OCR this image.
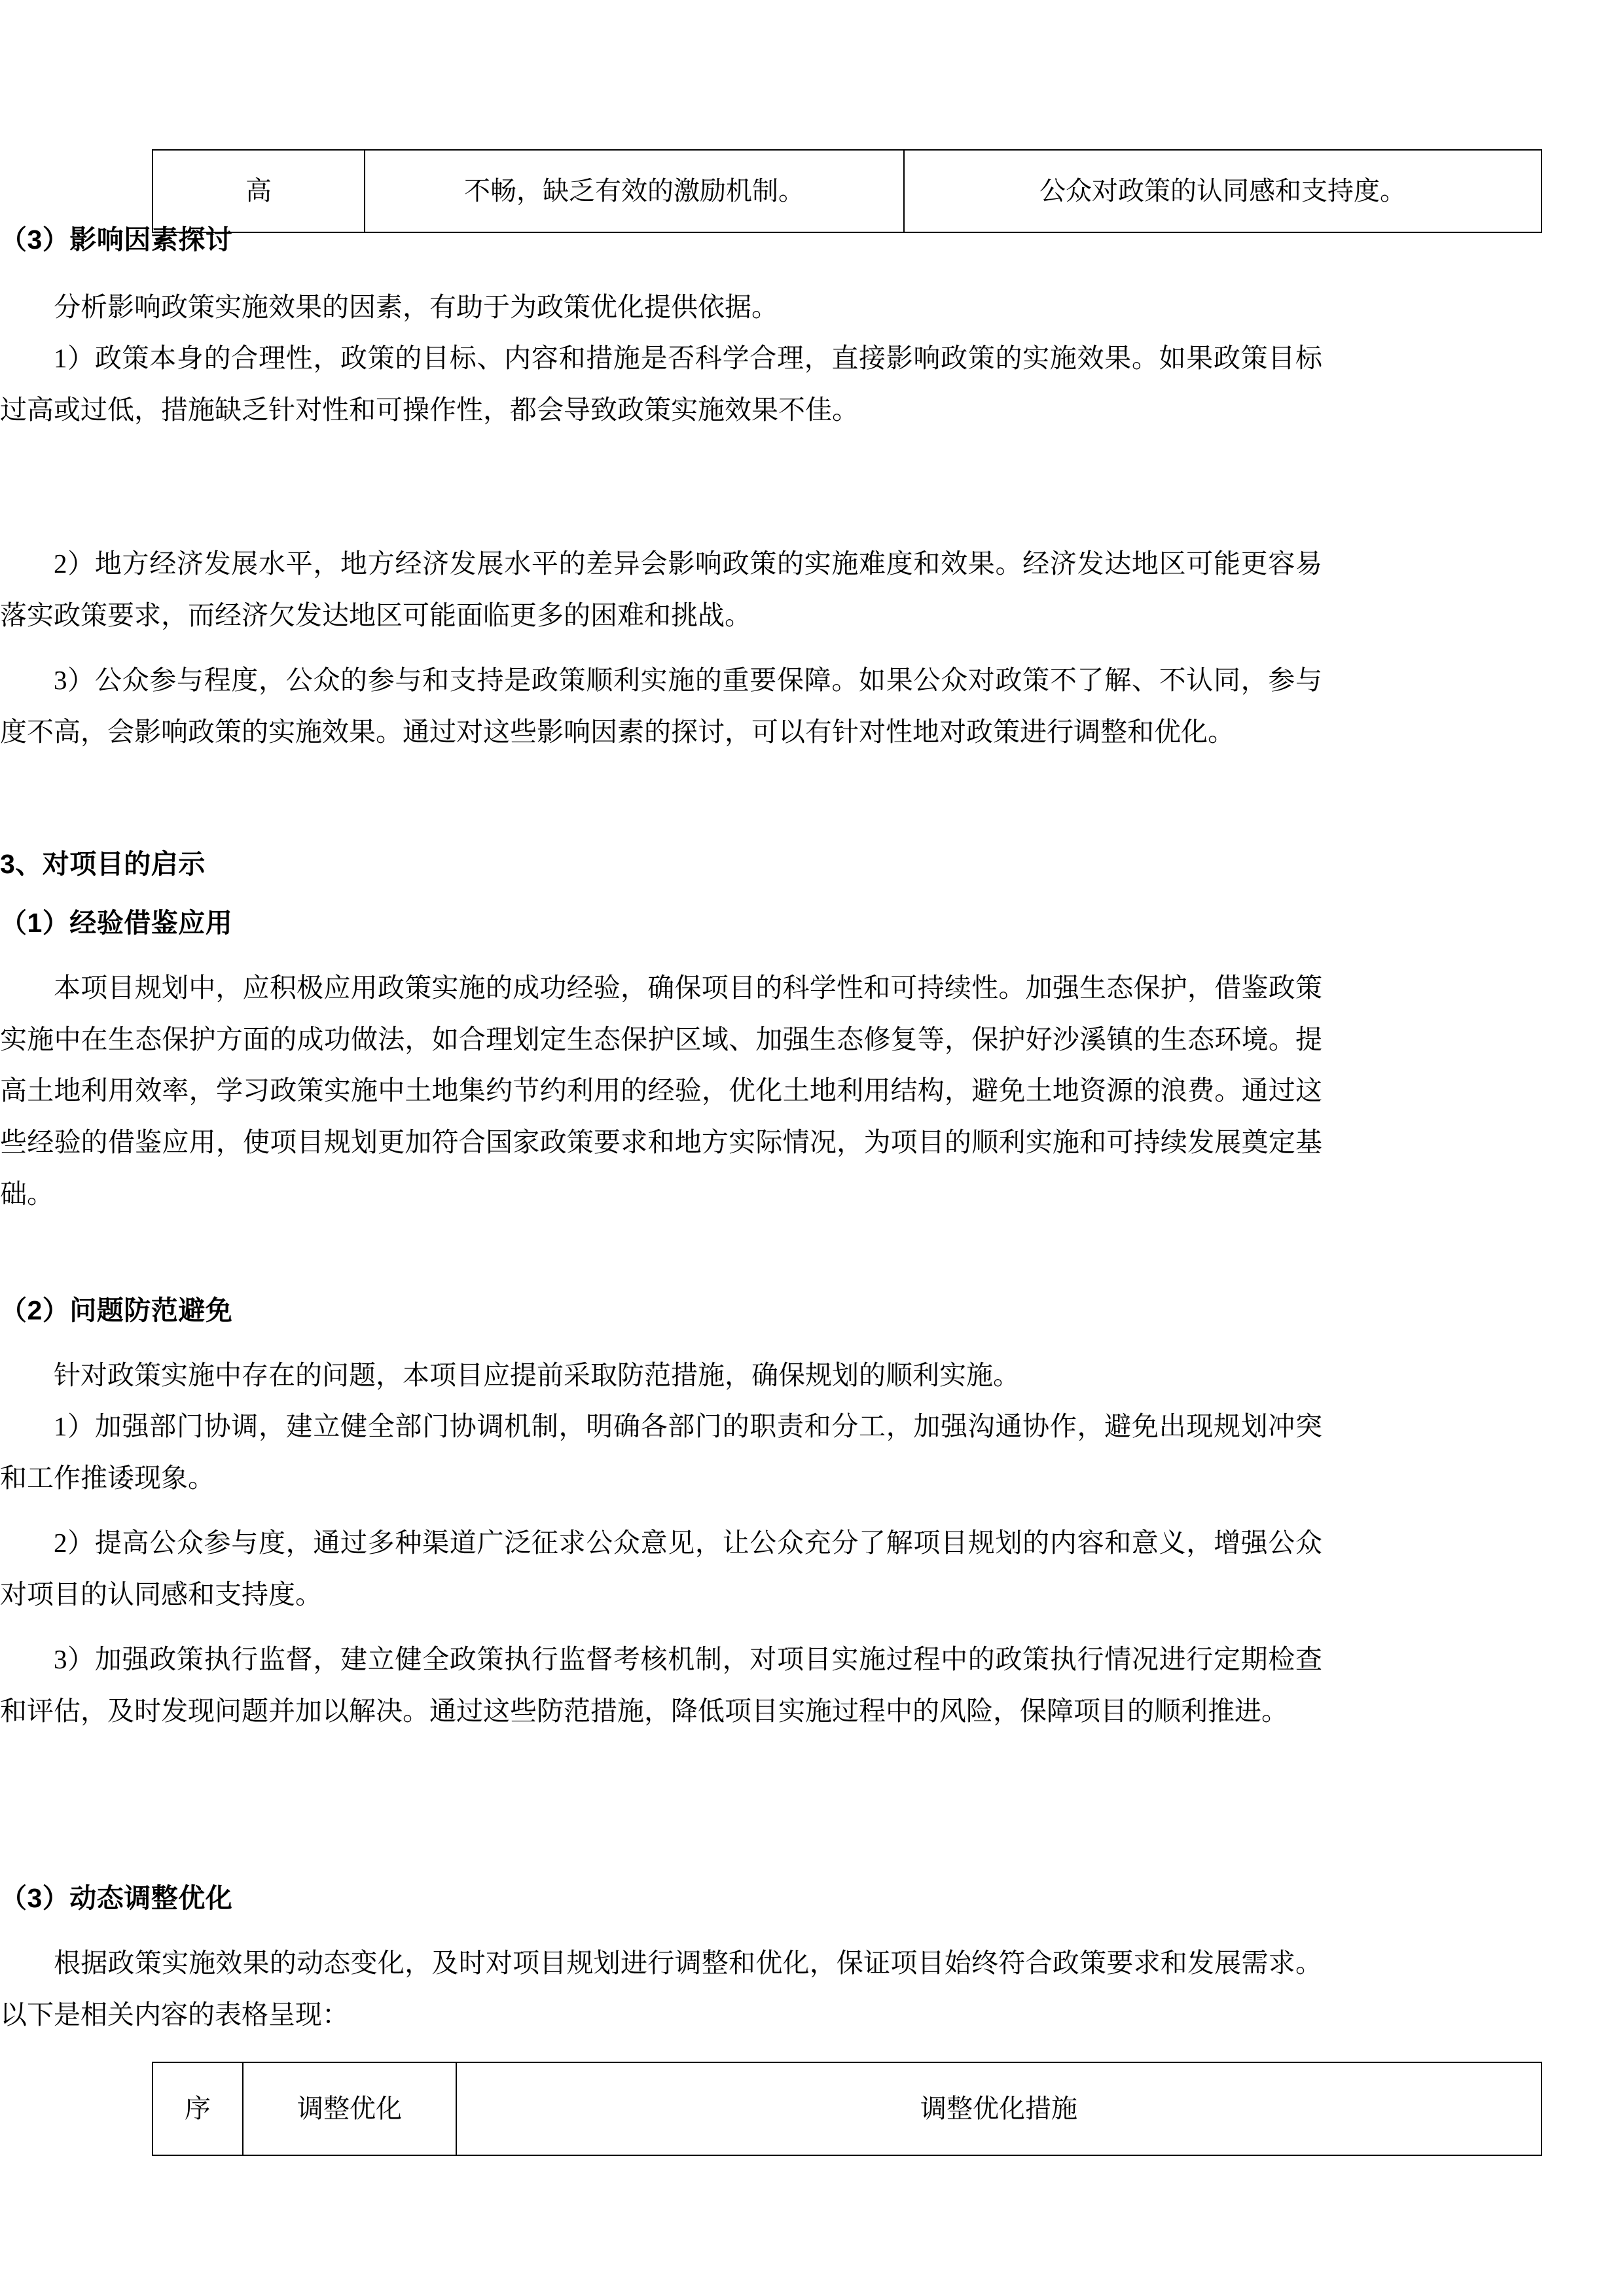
高	不畅，缺乏有效的激励机制。	公众对政策的认同感和支持度。
（3）影响因素探讨

分析影响政策实施效果的因素，有助于为政策优化提供依据。

1）政策本身的合理性，政策的目标、内容和措施是否科学合理，直接影响政策的实施效果。如果政策目标过高或过低，措施缺乏针对性和可操作性，都会导致政策实施效果不佳。

2）地方经济发展水平，地方经济发展水平的差异会影响政策的实施难度和效果。经济发达地区可能更容易落实政策要求，而经济欠发达地区可能面临更多的困难和挑战。

3）公众参与程度，公众的参与和支持是政策顺利实施的重要保障。如果公众对政策不了解、不认同，参与度不高，会影响政策的实施效果。通过对这些影响因素的探讨，可以有针对性地对政策进行调整和优化。

3、对项目的启示
（1）经验借鉴应用

本项目规划中，应积极应用政策实施的成功经验，确保项目的科学性和可持续性。加强生态保护，借鉴政策实施中在生态保护方面的成功做法，如合理划定生态保护区域、加强生态修复等，保护好沙溪镇的生态环境。提高土地利用效率，学习政策实施中土地集约节约利用的经验，优化土地利用结构，避免土地资源的浪费。通过这些经验的借鉴应用，使项目规划更加符合国家政策要求和地方实际情况，为项目的顺利实施和可持续发展奠定基础。

（2）问题防范避免

针对政策实施中存在的问题，本项目应提前采取防范措施，确保规划的顺利实施。

1）加强部门协调，建立健全部门协调机制，明确各部门的职责和分工，加强沟通协作，避免出现规划冲突和工作推诿现象。

2）提高公众参与度，通过多种渠道广泛征求公众意见，让公众充分了解项目规划的内容和意义，增强公众对项目的认同感和支持度。

3）加强政策执行监督，建立健全政策执行监督考核机制，对项目实施过程中的政策执行情况进行定期检查和评估，及时发现问题并加以解决。通过这些防范措施，降低项目实施过程中的风险，保障项目的顺利推进。

（3）动态调整优化

根据政策实施效果的动态变化，及时对项目规划进行调整和优化，保证项目始终符合政策要求和发展需求。以下是相关内容的表格呈现：

序	调整优化	调整优化措施
